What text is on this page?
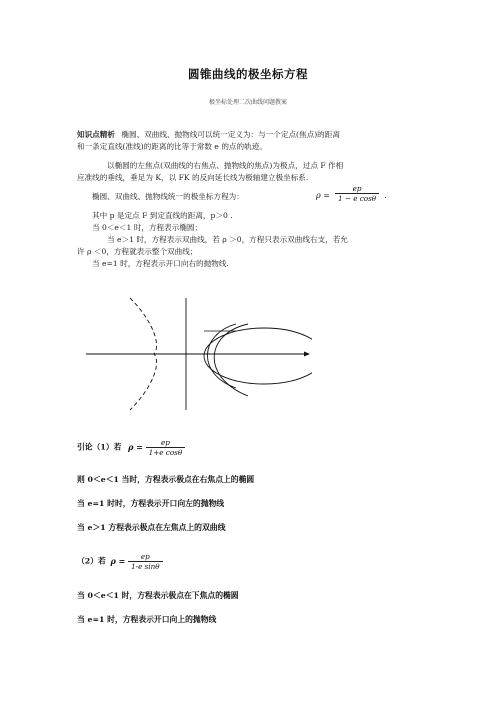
圆锥曲线的极坐标方程
极坐标处理二次曲线问题教案
知识点精析 椭圆、双曲线、抛物线可以统一定义为：与一个定点(焦点)的距离
和一条定直线(准线)的距离的比等于常数 e 的点的轨迹。
以椭圆的左焦点(双曲线的右焦点、抛物线的焦点)为极点，过点 F 作相
应准线的垂线，垂足为 K，以 FK 的反向延长线为极轴建立极坐标系.
椭圆、双曲线、抛物线统一的极坐标方程为：	$\rho = \frac{ep}{\text{1 − e cosθ}}$ .
其中 p 是定点 F 到定直线的距离，p＞0 .
当 0＜e＜1 时，方程表示椭圆；
当 e＞1 时，方程表示双曲线，若 ρ ＞0，方程只表示双曲线右支，若允
许 ρ ＜0，方程就表示整个双曲线；
当 e=1 时，方程表示开口向右的抛物线.
引论（1）若 $\rho = \frac{ep}{\text{1+e cosθ}}$
则 0＜e＜1 当时，方程表示极点在右焦点上的椭圆
当 e=1 时时，方程表示开口向左的抛物线
当 e＞1 方程表示极点在左焦点上的双曲线
（2）若 $\rho = \frac{ep}{\text{1-e sinθ}}$
当 0＜e＜1 时，方程表示极点在下焦点的椭圆
当 e=1 时，方程表示开口向上的抛物线
